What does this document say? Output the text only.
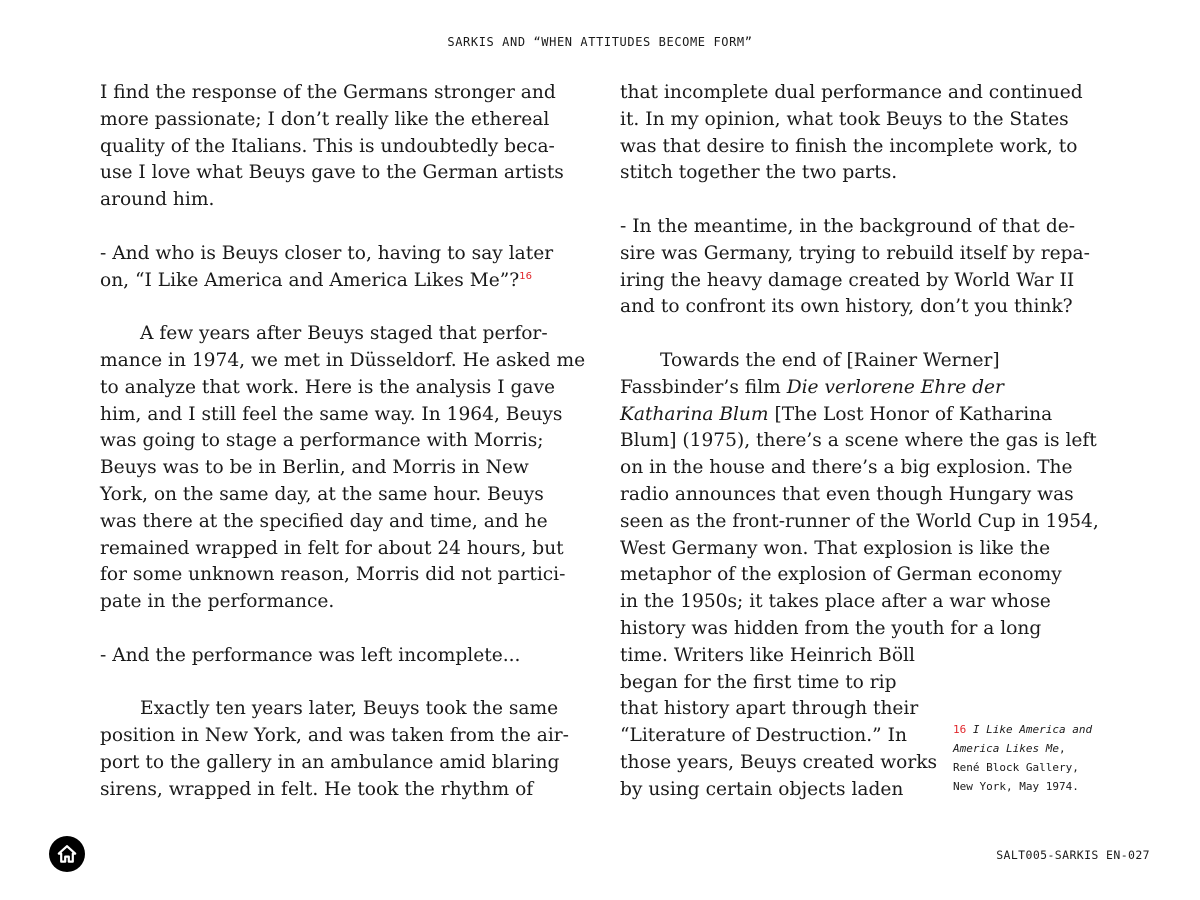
SARKIS AND “WHEN ATTITUDES BECOME FORM”

I find the response of the Germans stronger and
more passionate; I don’t really like the ethereal
quality of the Italians. This is undoubtedly beca-
use I love what Beuys gave to the German artists
around him.

- And who is Beuys closer to, having to say later
on, “I Like America and America Likes Me”?$^{16}$

A few years after Beuys staged that perfor-
mance in 1974, we met in Düsseldorf. He asked me
to analyze that work. Here is the analysis I gave
him, and I still feel the same way. In 1964, Beuys
was going to stage a performance with Morris;
Beuys was to be in Berlin, and Morris in New
York, on the same day, at the same hour. Beuys
was there at the specified day and time, and he
remained wrapped in felt for about 24 hours, but
for some unknown reason, Morris did not partici-
pate in the performance.

- And the performance was left incomplete...

Exactly ten years later, Beuys took the same
position in New York, and was taken from the air-
port to the gallery in an ambulance amid blaring
sirens, wrapped in felt. He took the rhythm of

that incomplete dual performance and continued
it. In my opinion, what took Beuys to the States
was that desire to finish the incomplete work, to
stitch together the two parts.

- In the meantime, in the background of that de-
sire was Germany, trying to rebuild itself by repa-
iring the heavy damage created by World War II
and to confront its own history, don’t you think?

Towards the end of [Rainer Werner]
Fassbinder’s film Die verlorene Ehre der
Katharina Blum [The Lost Honor of Katharina
Blum] (1975), there’s a scene where the gas is left
on in the house and there’s a big explosion. The
radio announces that even though Hungary was
seen as the front-runner of the World Cup in 1954,
West Germany won. That explosion is like the
metaphor of the explosion of German economy
in the 1950s; it takes place after a war whose
history was hidden from the youth for a long
time. Writers like Heinrich Böll
began for the first time to rip
that history apart through their
“Literature of Destruction.” In
those years, Beuys created works
by using certain objects laden

16 I Like America and
America Likes Me,
René Block Gallery,
New York, May 1974.
SALT005-SARKIS EN-027
